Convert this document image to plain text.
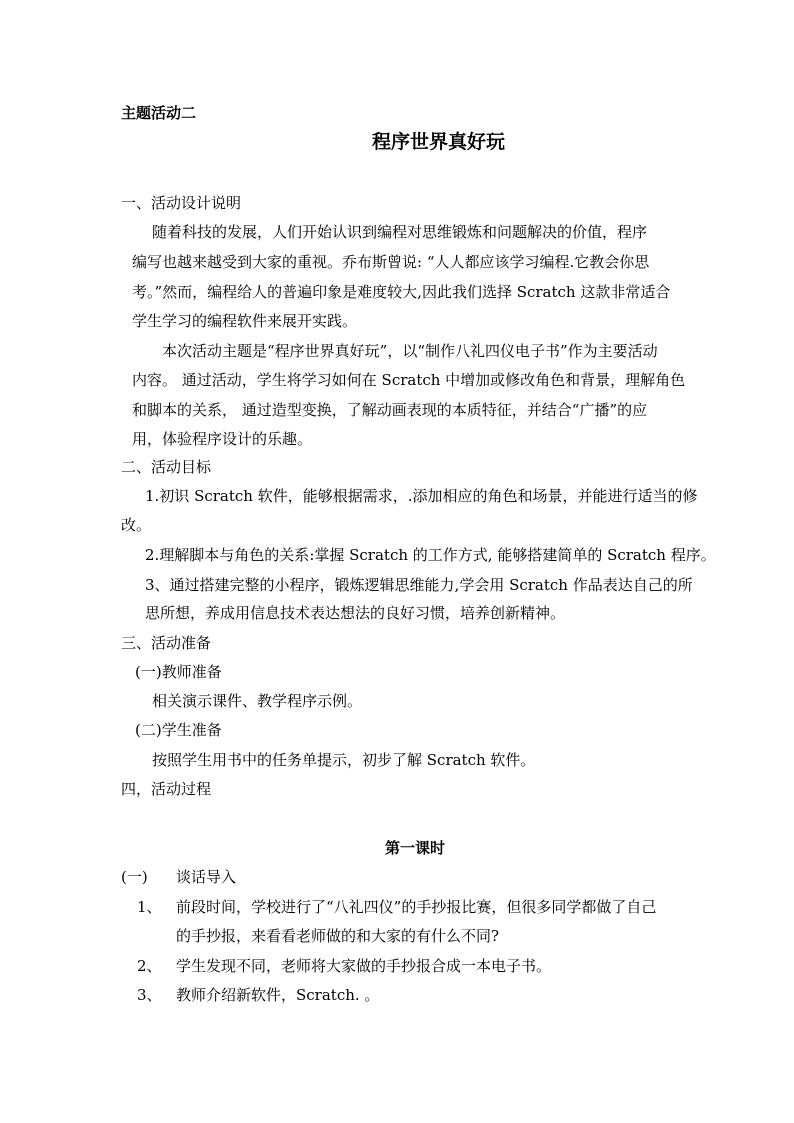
主题活动二
程序世界真好玩
一、活动设计说明
随着科技的发展，人们开始认识到编程对思维锻炼和问题解决的价值，程序
编写也越来越受到大家的重视。乔布斯曾说: “人人都应该学习编程.它教会你思
考。”然而，编程给人的普遍印象是难度较大,因此我们选择 Scratch 这款非常适合
学生学习的编程软件来展开实践。
本次活动主题是“程序世界真好玩”，以“制作八礼四仪电子书”作为主要活动
内容。 通过活动，学生将学习如何在 Scratch 中增加或修改角色和背景，理解角色
和脚本的关系， 通过造型变换，了解动画表现的本质特征，并结合“广播”的应
用，体验程序设计的乐趣。
二、活动目标
1.初识 Scratch 软件，能够根据需求，.添加相应的角色和场景，并能进行适当的修
改。
2.理解脚本与角色的关系:掌握 Scratch 的工作方式, 能够搭建简单的 Scratch 程序。
3、通过搭建完整的小程序，锻炼逻辑思维能力,学会用 Scratch 作品表达自己的所
思所想，养成用信息技术表达想法的良好习惯，培养创新精神。
三、活动准备
(一)教师准备
相关演示课件、教学程序示例。
(二)学生准备
按照学生用书中的任务单提示，初步了解 Scratch 软件。
四，活动过程
第一课时
(一) 谈话导入
1、 前段时间，学校进行了“八礼四仪”的手抄报比赛，但很多同学都做了自己
的手抄报，来看看老师做的和大家的有什么不同?
2、 学生发现不同，老师将大家做的手抄报合成一本电子书。
3、 教师介绍新软件，Scratch. 。
